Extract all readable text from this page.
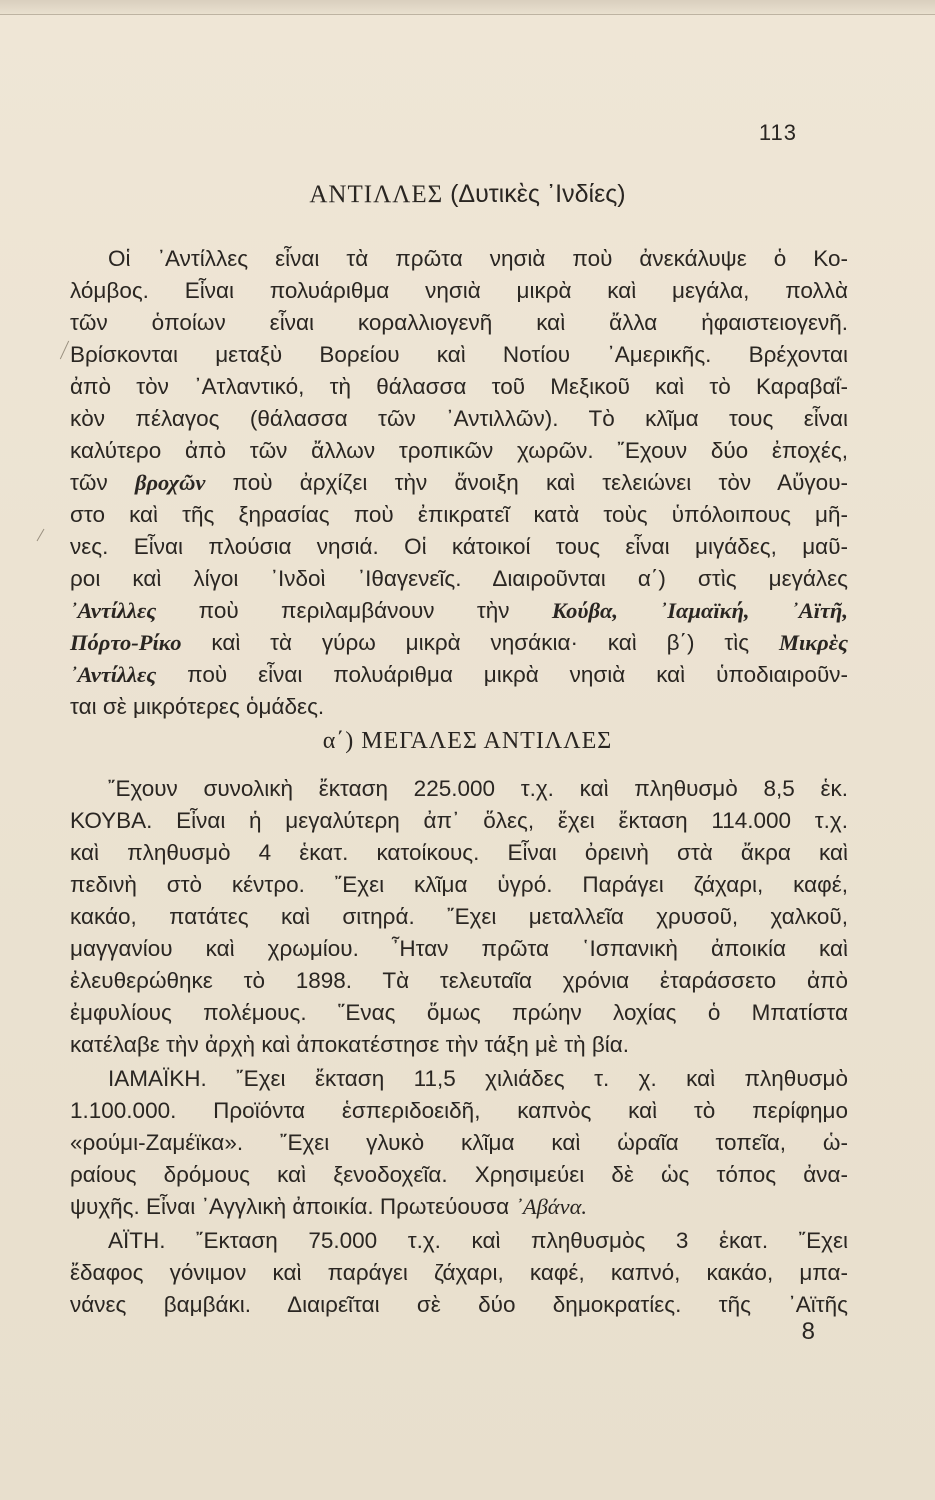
113
ΑΝΤΙΛΛΕΣ (Δυτικὲς ᾿Ινδίες)
Οἱ ᾿Αντίλλες εἶναι τὰ πρῶτα νησιὰ ποὺ ἀνεκάλυψε ὁ Κο-
λόμβος. Εἶναι πολυάριθμα νησιὰ μικρὰ καὶ μεγάλα, πολλὰ
τῶν ὁποίων εἶναι κοραλλιογενῆ καὶ ἄλλα ἡφαιστειογενῆ.
Βρίσκονται μεταξὺ Βορείου καὶ Νοτίου ᾿Αμερικῆς. Βρέχονται
ἀπὸ τὸν ᾿Ατλαντικό, τὴ θάλασσα τοῦ Μεξικοῦ καὶ τὸ Καραβαΐ-
κὸν πέλαγος (θάλασσα τῶν ᾿Αντιλλῶν). Τὸ κλῖμα τους εἶναι
καλύτερο ἀπὸ τῶν ἄλλων τροπικῶν χωρῶν. ῎Εχουν δύο ἐποχές,
τῶν βροχῶν ποὺ ἀρχίζει τὴν ἄνοιξη καὶ τελειώνει τὸν Αὔγου-
στο καὶ τῆς ξηρασίας ποὺ ἐπικρατεῖ κατὰ τοὺς ὑπόλοιπους μῆ-
νες. Εἶναι πλούσια νησιά. Οἱ κάτοικοί τους εἶναι μιγάδες, μαῦ-
ροι καὶ λίγοι ᾿Ινδοὶ ᾿Ιθαγενεῖς. Διαιροῦνται α΄) στὶς μεγάλες
᾿Αντίλλες ποὺ περιλαμβάνουν τὴν Κούβα, ᾿Ιαμαϊκή, ᾿Αϊτῆ,
Πόρτο-Ρίκο καὶ τὰ γύρω μικρὰ νησάκια· καὶ β΄) τὶς Μικρὲς
᾿Αντίλλες ποὺ εἶναι πολυάριθμα μικρὰ νησιὰ καὶ ὑποδιαιροῦν-
ται σὲ μικρότερες ὁμάδες.
α΄) ΜΕΓΑΛΕΣ ΑΝΤΙΛΛΕΣ
῎Εχουν συνολικὴ ἔκταση 225.000 τ.χ. καὶ πληθυσμὸ 8,5 ἑκ.
ΚΟΥΒΑ. Εἶναι ἡ μεγαλύτερη ἀπ᾿ ὅλες, ἔχει ἔκταση 114.000 τ.χ.
καὶ πληθυσμὸ 4 ἑκατ. κατοίκους. Εἶναι ὀρεινὴ στὰ ἄκρα καὶ
πεδινὴ στὸ κέντρο. ῎Εχει κλῖμα ὑγρό. Παράγει ζάχαρι, καφέ,
κακάο, πατάτες καὶ σιτηρά. ῎Εχει μεταλλεῖα χρυσοῦ, χαλκοῦ,
μαγγανίου καὶ χρωμίου. ῏Ηταν πρῶτα ῾Ισπανικὴ ἀποικία καὶ
ἐλευθερώθηκε τὸ 1898. Τὰ τελευταῖα χρόνια ἐταράσσετο ἀπὸ
ἐμφυλίους πολέμους. ῞Ενας ὅμως πρώην λοχίας ὁ Μπατίστα
κατέλαβε τὴν ἀρχὴ καὶ ἀποκατέστησε τὴν τάξη μὲ τὴ βία.
ΙΑΜΑΪΚΗ. ῎Εχει ἔκταση 11,5 χιλιάδες τ. χ. καὶ πληθυσμὸ
1.100.000. Προϊόντα ἑσπεριδοειδῆ, καπνὸς καὶ τὸ περίφημο
«ρούμι-Ζαμέϊκα». ῎Εχει γλυκὸ κλῖμα καὶ ὡραῖα τοπεῖα, ὡ-
ραίους δρόμους καὶ ξενοδοχεῖα. Χρησιμεύει δὲ ὡς τόπος ἀνα-
ψυχῆς. Εἶναι ᾿Αγγλικὴ ἀποικία. Πρωτεύουσα ᾿Αβάνα.
ΑΪΤΗ. ῎Εκταση 75.000 τ.χ. καὶ πληθυσμὸς 3 ἑκατ. ῎Εχει
ἔδαφος γόνιμον καὶ παράγει ζάχαρι, καφέ, καπνό, κακάο, μπα-
νάνες βαμβάκι. Διαιρεῖται σὲ δύο δημοκρατίες. τῆς ᾿Αϊτῆς
8
